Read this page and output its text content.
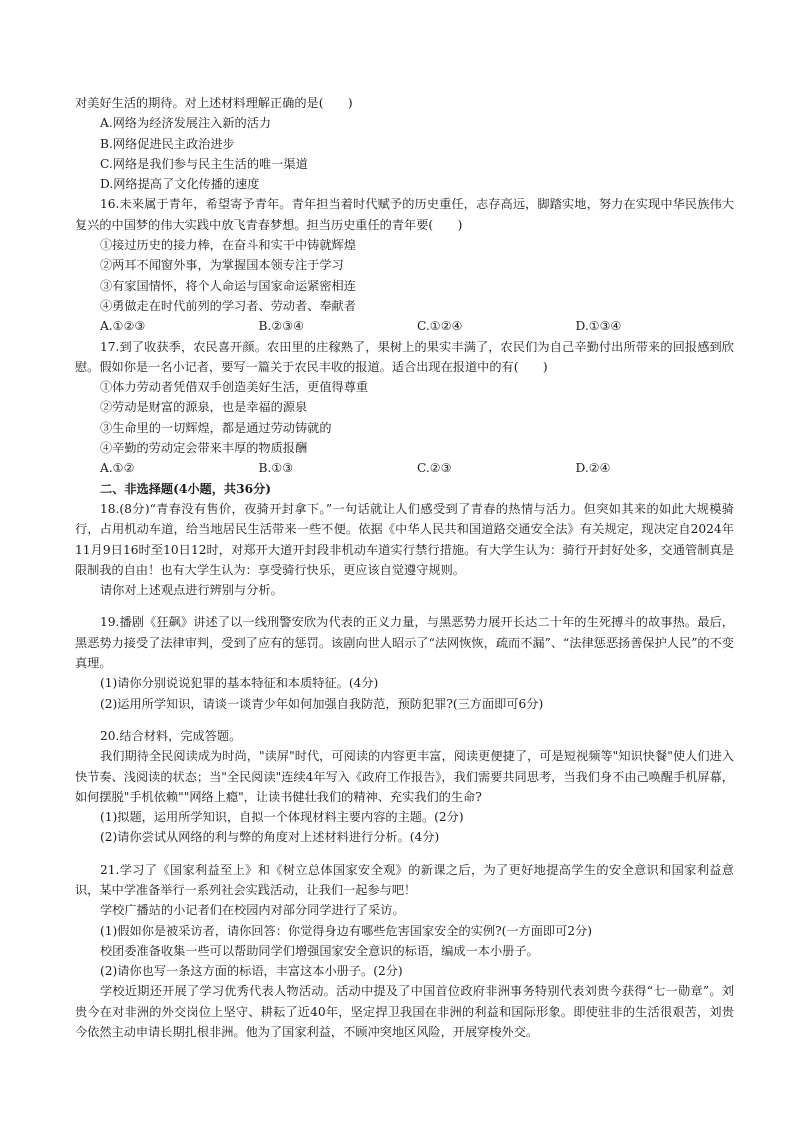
对美好生活的期待。对上述材料理解正确的是(　　)

A.网络为经济发展注入新的活力

B.网络促进民主政治进步

C.网络是我们参与民主生活的唯一渠道

D.网络提高了文化传播的速度

16.未来属于青年，希望寄予青年。青年担当着时代赋予的历史重任，志存高远，脚踏实地，努力在实现中华民族伟大复兴的中国梦的伟大实践中放飞青春梦想。担当历史重任的青年要(　　)

①接过历史的接力棒，在奋斗和实干中铸就辉煌

②两耳不闻窗外事，为掌握国本领专注于学习

③有家国情怀，将个人命运与国家命运紧密相连

④勇做走在时代前列的学习者、劳动者、奉献者

A.①②③	B.②③④	C.①②④	D.①③④

17.到了收获季，农民喜开颜。农田里的庄稼熟了，果树上的果实丰满了，农民们为自己辛勤付出所带来的回报感到欣慰。假如你是一名小记者，要写一篇关于农民丰收的报道。适合出现在报道中的有(　　)

①体力劳动者凭借双手创造美好生活，更值得尊重

②劳动是财富的源泉，也是幸福的源泉

③生命里的一切辉煌，都是通过劳动铸就的

④辛勤的劳动定会带来丰厚的物质报酬

A.①②	B.①③	C.②③	D.②④

二、非选择题(4小题，共36分)

18.(8分)“青春没有售价，夜骑开封拿下。”一句话就让人们感受到了青春的热情与活力。但突如其来的如此大规模骑行，占用机动车道，给当地居民生活带来一些不便。依据《中华人民共和国道路交通安全法》有关规定，现决定自2024年11月9日16时至10日12时，对郑开大道开封段非机动车道实行禁行措施。有大学生认为：骑行开封好处多，交通管制真是限制我的自由！也有大学生认为：享受骑行快乐，更应该自觉遵守规则。

请你对上述观点进行辨别与分析。

19.播剧《狂飙》讲述了以一线刑警安欣为代表的正义力量，与黑恶势力展开长达二十年的生死搏斗的故事热。最后，黑恶势力接受了法律审判，受到了应有的惩罚。该剧向世人昭示了“法网恢恢，疏而不漏”、“法律惩恶扬善保护人民”的不变真理。

(1)请你分别说说犯罪的基本特征和本质特征。(4分)

(2)运用所学知识，请谈一谈青少年如何加强自我防范，预防犯罪?(三方面即可6分)

20.结合材料，完成答题。

我们期待全民阅读成为时尚，"读屏"时代，可阅读的内容更丰富，阅读更便捷了，可是短视频等"知识快餐"使人们进入快节奏、浅阅读的状态；当"全民阅读"连续4年写入《政府工作报告》，我们需要共同思考，当我们身不由己唤醒手机屏幕，如何摆脱"手机依赖""网络上瘾"，让读书健壮我们的精神、充实我们的生命?

(1)拟题，运用所学知识，自拟一个体现材料主要内容的主题。(2分)

(2)请你尝试从网络的利与弊的角度对上述材料进行分析。(4分)

21.学习了《国家利益至上》和《树立总体国家安全观》的新课之后，为了更好地提高学生的安全意识和国家利益意识，某中学准备举行一系列社会实践活动，让我们一起参与吧！

学校广播站的小记者们在校园内对部分同学进行了采访。

(1)假如你是被采访者，请你回答：你觉得身边有哪些危害国家安全的实例?(一方面即可2分)

校团委准备收集一些可以帮助同学们增强国家安全意识的标语，编成一本小册子。

(2)请你也写一条这方面的标语，丰富这本小册子。(2分)

学校近期还开展了学习优秀代表人物活动。活动中提及了中国首位政府非洲事务特别代表刘贵今获得“七一勋章”。刘贵今在对非洲的外交岗位上坚守、耕耘了近40年，坚定捍卫我国在非洲的利益和国际形象。即使驻非的生活很艰苦，刘贵今依然主动申请长期扎根非洲。他为了国家利益，不顾冲突地区风险，开展穿梭外交。
